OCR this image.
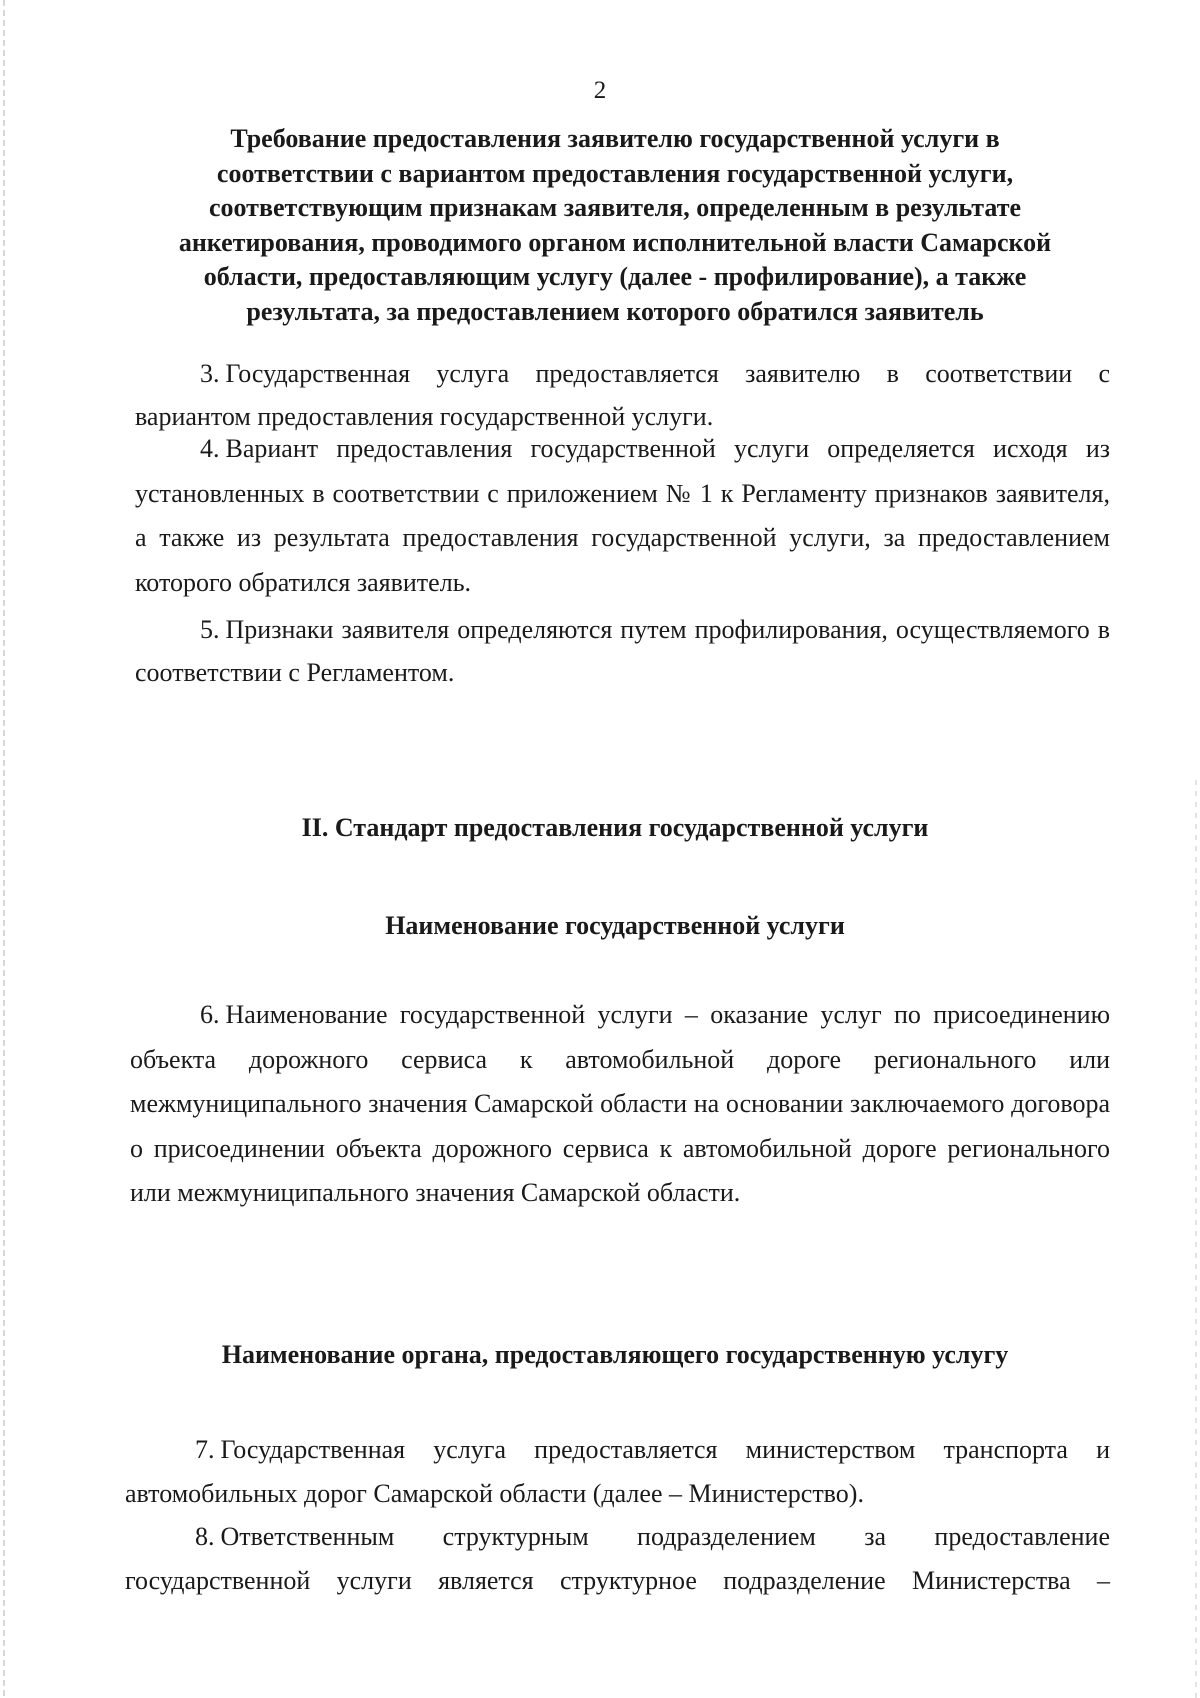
2
Требование предоставления заявителю государственной услуги в
соответствии с вариантом предоставления государственной услуги,
соответствующим признакам заявителя, определенным в результате
анкетирования, проводимого органом исполнительной власти Самарской
области, предоставляющим услугу (далее - профилирование), а также
результата, за предоставлением которого обратился заявитель

3. Государственная услуга предоставляется заявителю в соответствии с вариантом предоставления государственной услуги.

4. Вариант предоставления государственной услуги определяется исходя из установленных в соответствии с приложением № 1 к Регламенту признаков заявителя, а также из результата предоставления государственной услуги, за предоставлением которого обратился заявитель.

5. Признаки заявителя определяются путем профилирования, осуществляемого в соответствии с Регламентом.

II. Стандарт предоставления государственной услуги
Наименование государственной услуги

6. Наименование государственной услуги – оказание услуг по присоединению объекта дорожного сервиса к автомобильной дороге регионального или межмуниципального значения Самарской области на основании заключаемого договора о присоединении объекта дорожного сервиса к автомобильной дороге регионального или межмуниципального значения Самарской области.

Наименование органа, предоставляющего государственную услугу

7. Государственная услуга предоставляется министерством транспорта и автомобильных дорог Самарской области (далее – Министерство).

8. Ответственным структурным подразделением за предоставление государственной услуги является структурное подразделение Министерства –
